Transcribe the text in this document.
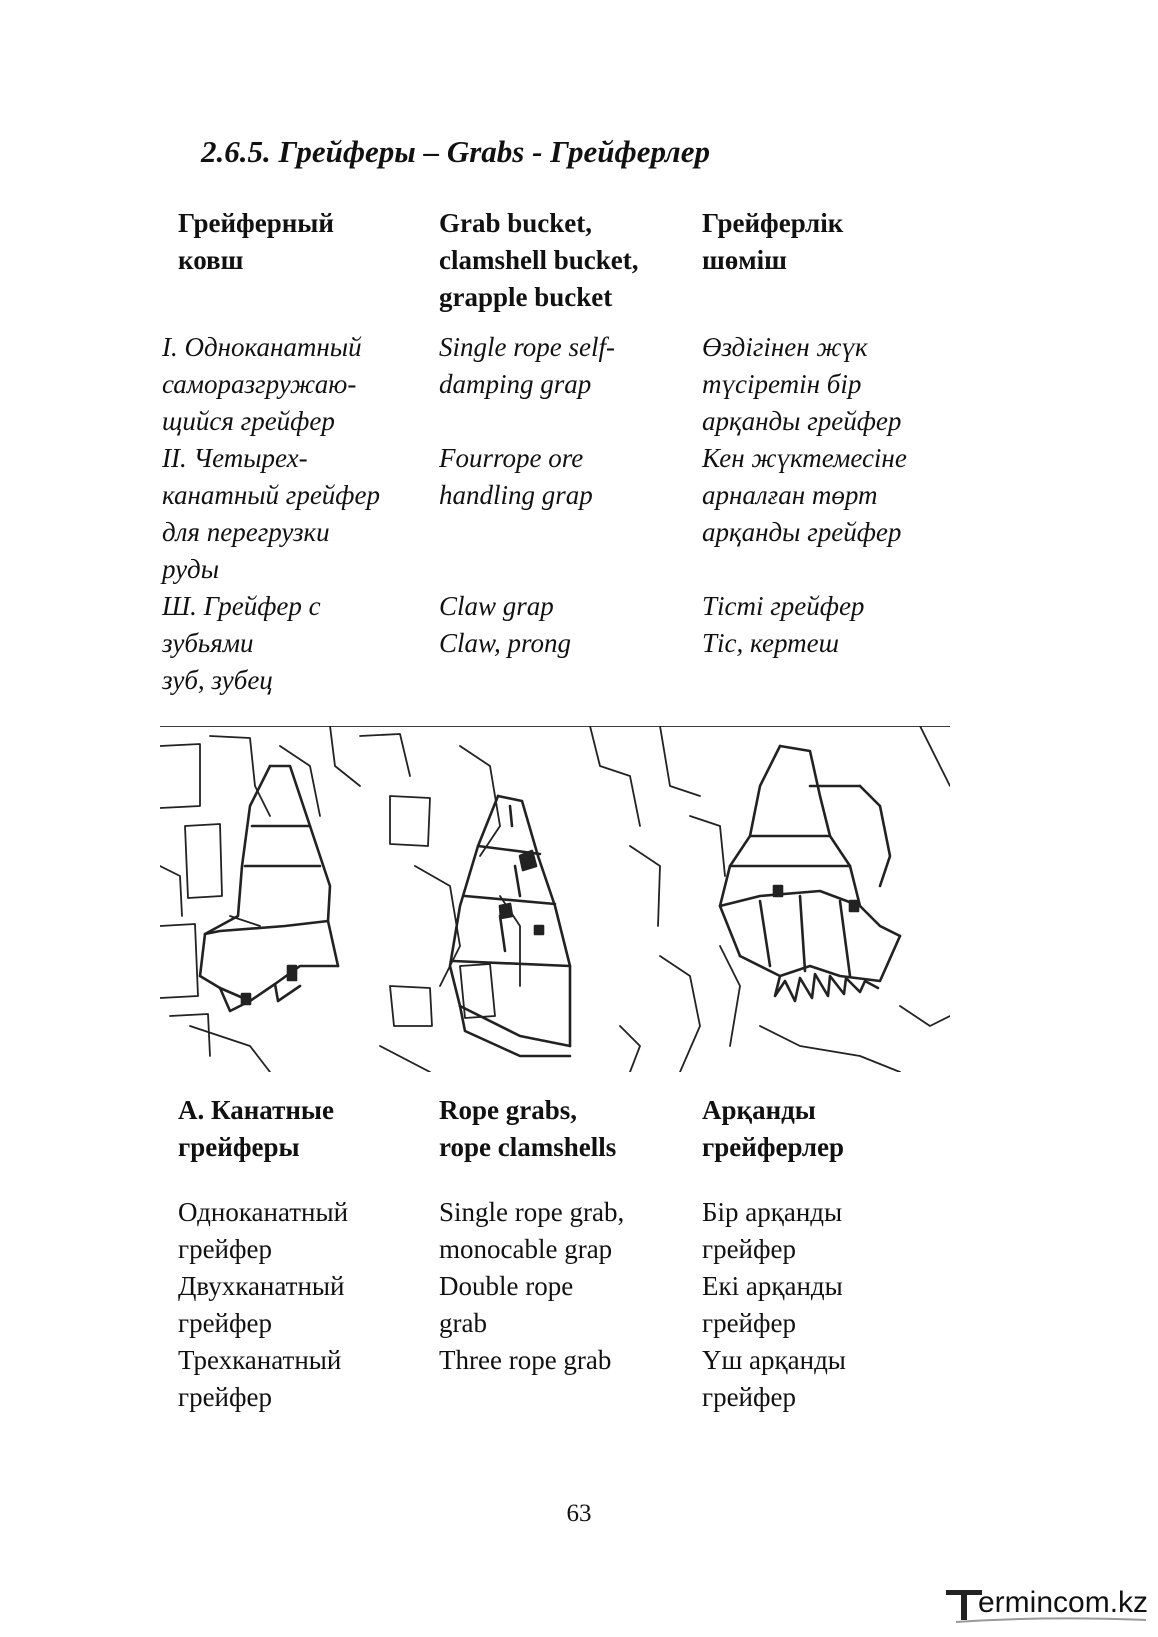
2.6.5. Грейферы – Grabs - Грейферлер
Грейферный
ковш
Grab bucket,
clamshell bucket,
grapple bucket
Грейферлік
шөміш
I. Одноканатный
саморазгружаю-
щийся грейфер
Single rope self-
damping grap
Өздігінен жүк
түсіретін бір
арқанды грейфер
II. Четырех-
канатный грейфер
для перегрузки
руды
Fourrope ore
handling grap
Кен жүктемесіне
арналған төрт
арқанды грейфер
Ш. Грейфер с
зубьями
зуб, зубец
Claw grap
Claw, prong
Тісті грейфер
Тіс, кертеш
А. Канатные
грейферы
Rope grabs,
rope clamshells
Арқанды
грейферлер
Одноканатный
грейфер
Двухканатный
грейфер
Трехканатный
грейфер
Single rope grab,
monocable grap
Double rope
grab
Three rope grab
Бір арқанды
грейфер
Екі арқанды
грейфер
Үш арқанды
грейфер
63
ermincom.kz
